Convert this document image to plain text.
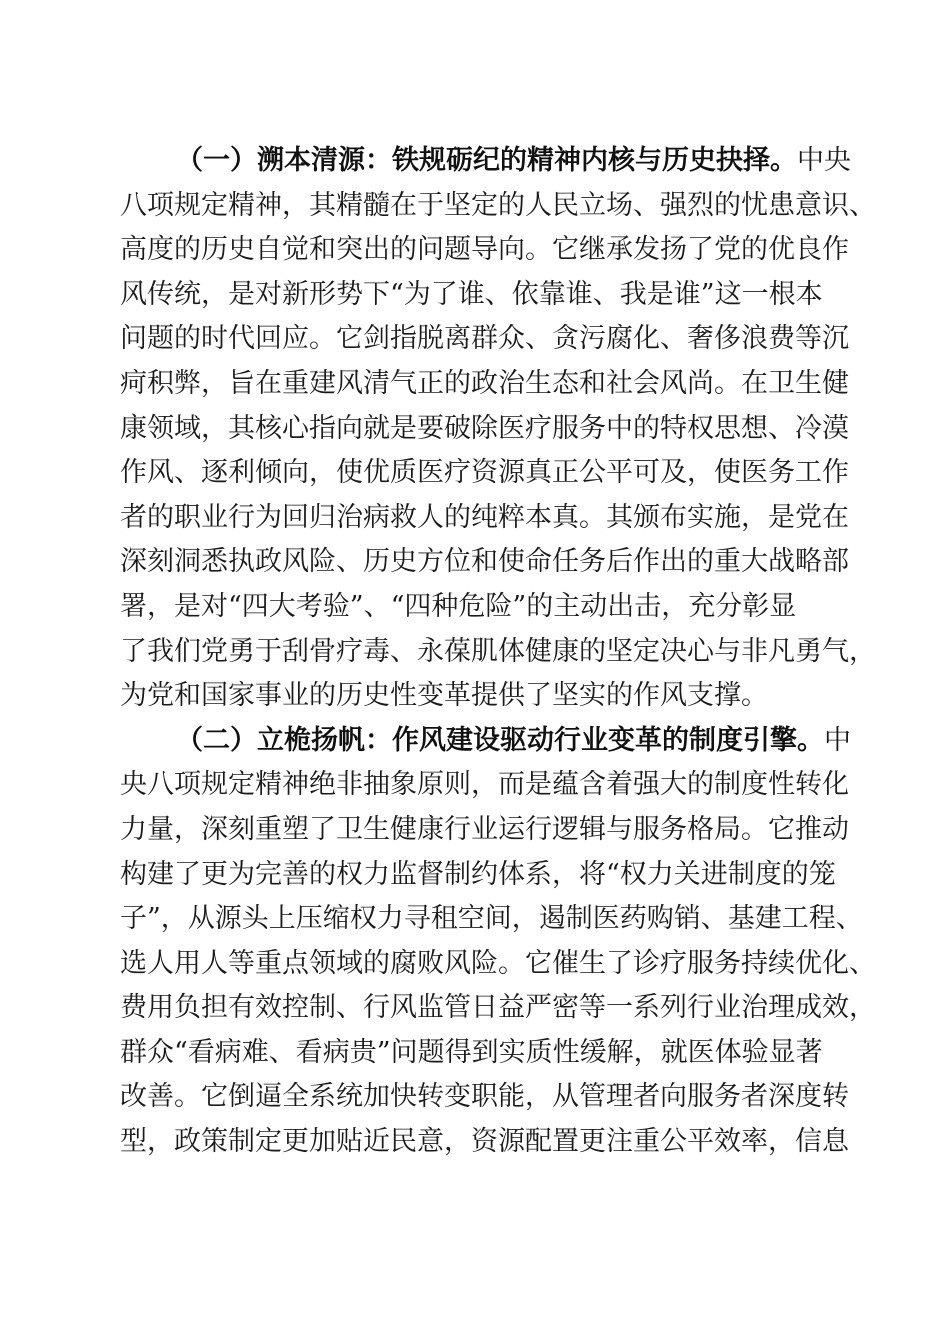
（一）溯本清源：铁规砺纪的精神内核与历史抉择。中央
八项规定精神，其精髓在于坚定的人民立场、强烈的忧患意识、
高度的历史自觉和突出的问题导向。它继承发扬了党的优良作
风传统，是对新形势下“为了谁、依靠谁、我是谁”这一根本
问题的时代回应。它剑指脱离群众、贪污腐化、奢侈浪费等沉
疴积弊，旨在重建风清气正的政治生态和社会风尚。在卫生健
康领域，其核心指向就是要破除医疗服务中的特权思想、冷漠
作风、逐利倾向，使优质医疗资源真正公平可及，使医务工作
者的职业行为回归治病救人的纯粹本真。其颁布实施，是党在
深刻洞悉执政风险、历史方位和使命任务后作出的重大战略部
署，是对“四大考验”、“四种危险”的主动出击，充分彰显
了我们党勇于刮骨疗毒、永葆肌体健康的坚定决心与非凡勇气，
为党和国家事业的历史性变革提供了坚实的作风支撑。
（二）立桅扬帆：作风建设驱动行业变革的制度引擎。中
央八项规定精神绝非抽象原则，而是蕴含着强大的制度性转化
力量，深刻重塑了卫生健康行业运行逻辑与服务格局。它推动
构建了更为完善的权力监督制约体系，将“权力关进制度的笼
子”，从源头上压缩权力寻租空间，遏制医药购销、基建工程、
选人用人等重点领域的腐败风险。它催生了诊疗服务持续优化、
费用负担有效控制、行风监管日益严密等一系列行业治理成效，
群众“看病难、看病贵”问题得到实质性缓解，就医体验显著
改善。它倒逼全系统加快转变职能，从管理者向服务者深度转
型，政策制定更加贴近民意，资源配置更注重公平效率，信息
